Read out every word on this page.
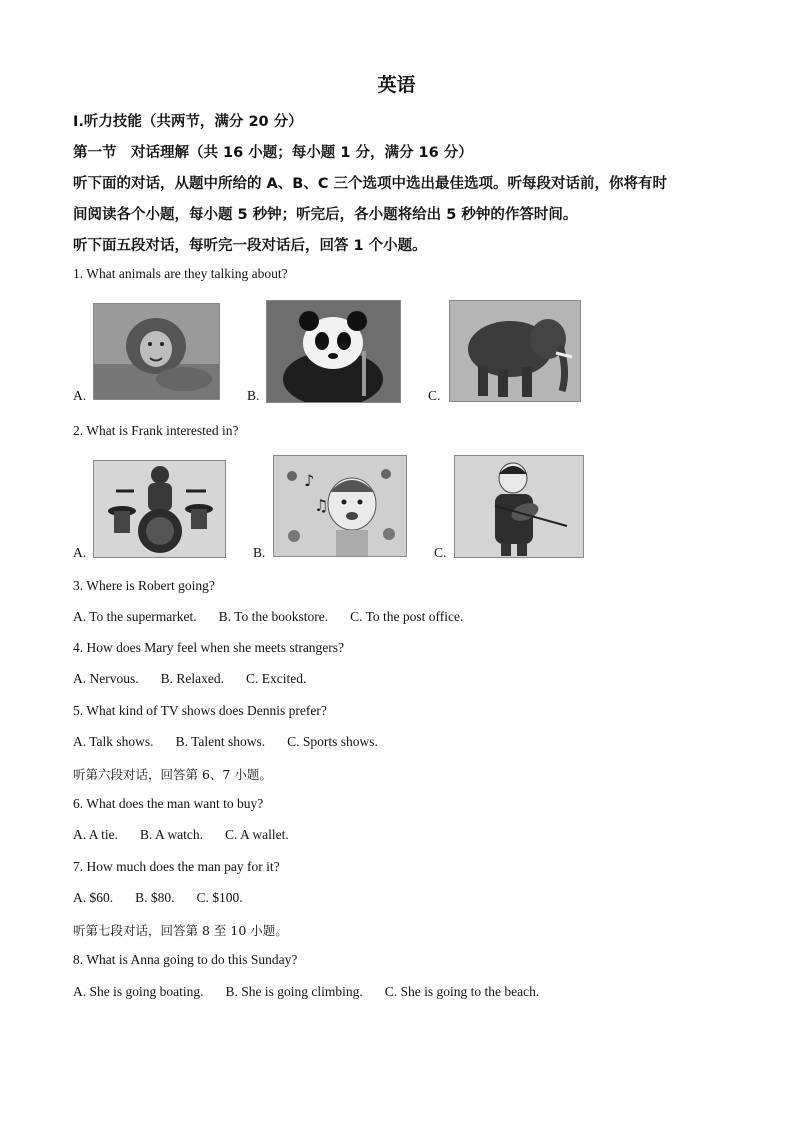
英语
I.听力技能（共两节，满分 20 分）
第一节　对话理解（共 16 小题；每小题 1 分，满分 16 分）
听下面的对话，从题中所给的 A、B、C 三个选项中选出最佳选项。听每段对话前，你将有时
间阅读各个小题，每小题 5 秒钟；听完后，各小题将给出 5 秒钟的作答时间。
听下面五段对话，每听完一段对话后，回答 1 个小题。
1. What animals are they talking about?
A.	B.	C.
2. What is Frank interested in?
A.	B.
♪
♫
C.
3. Where is Robert going?
A. To the supermarket. B. To the bookstore. C. To the post office.
4. How does Mary feel when she meets strangers?
A. Nervous. B. Relaxed. C. Excited.
5. What kind of TV shows does Dennis prefer?
A. Talk shows. B. Talent shows. C. Sports shows.
听第六段对话，回答第 6、7 小题。
6. What does the man want to buy?
A. A tie. B. A watch. C. A wallet.
7. How much does the man pay for it?
A. $60. B. $80. C. $100.
听第七段对话，回答第 8 至 10 小题。
8. What is Anna going to do this Sunday?
A. She is going boating. B. She is going climbing. C. She is going to the beach.
